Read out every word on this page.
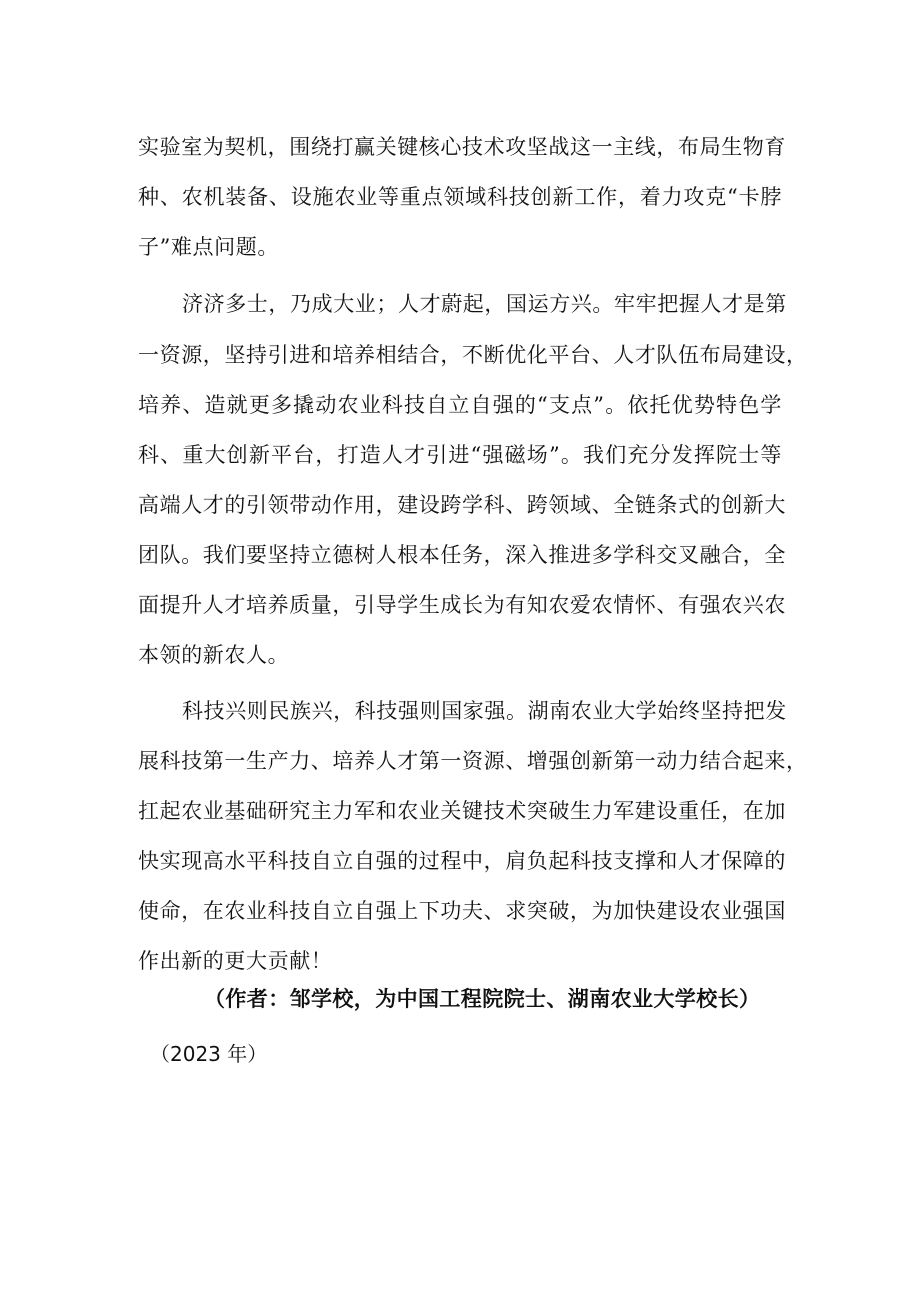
实验室为契机，围绕打赢关键核心技术攻坚战这一主线，布局生物育
种、农机装备、设施农业等重点领域科技创新工作，着力攻克“卡脖
子”难点问题。
济济多士，乃成大业；人才蔚起，国运方兴。牢牢把握人才是第
一资源，坚持引进和培养相结合，不断优化平台、人才队伍布局建设，
培养、造就更多撬动农业科技自立自强的“支点”。依托优势特色学
科、重大创新平台，打造人才引进“强磁场”。我们充分发挥院士等
高端人才的引领带动作用，建设跨学科、跨领域、全链条式的创新大
团队。我们要坚持立德树人根本任务，深入推进多学科交叉融合，全
面提升人才培养质量，引导学生成长为有知农爱农情怀、有强农兴农
本领的新农人。
科技兴则民族兴，科技强则国家强。湖南农业大学始终坚持把发
展科技第一生产力、培养人才第一资源、增强创新第一动力结合起来，
扛起农业基础研究主力军和农业关键技术突破生力军建设重任，在加
快实现高水平科技自立自强的过程中，肩负起科技支撑和人才保障的
使命，在农业科技自立自强上下功夫、求突破，为加快建设农业强国
作出新的更大贡献！
（作者：邹学校，为中国工程院院士、湖南农业大学校长）
（2023 年）
